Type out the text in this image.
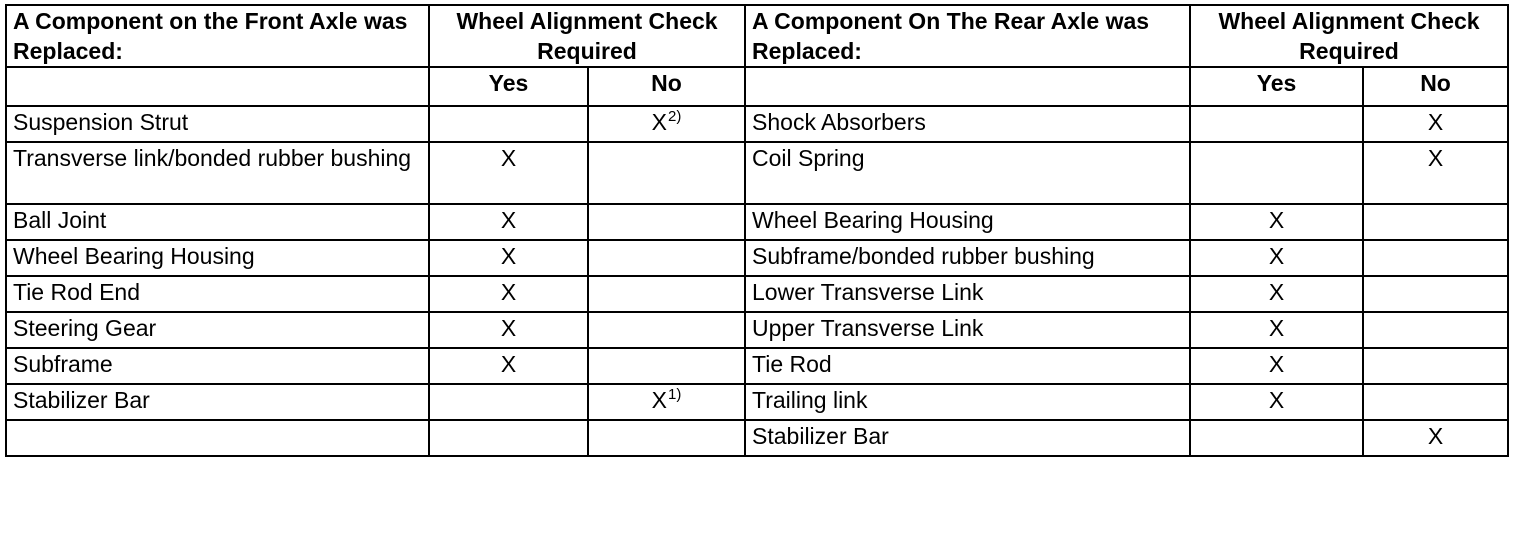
A Component on the Front Axle was Replaced:	Wheel Alignment Check Required		A Component On The Rear Axle was Replaced:	Wheel Alignment Check Required	
	Yes	No		Yes	No
Suspension Strut		$X^{2)}$	Shock Absorbers		X
Transverse link/bonded rubber bushing	X		Coil Spring		X
Ball Joint	X		Wheel Bearing Housing	X	
Wheel Bearing Housing	X		Subframe/bonded rubber bushing	X	
Tie Rod End	X		Lower Transverse Link	X	
Steering Gear	X		Upper Transverse Link	X	
Subframe	X		Tie Rod	X	
Stabilizer Bar		$X^{1)}$	Trailing link	X	
			Stabilizer Bar		X
